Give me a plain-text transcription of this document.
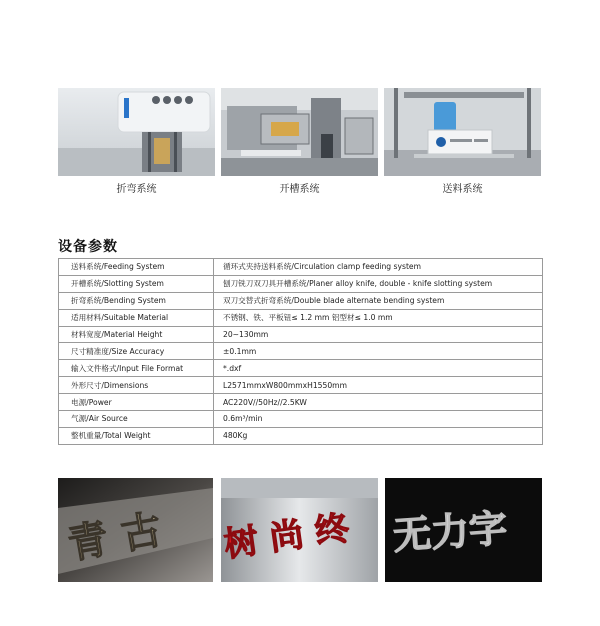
折弯系统	开槽系统	送料系统
设备参数
送料系统/Feeding System	循环式夹持送料系统/Circulation clamp feeding system
开槽系统/Slotting System	刨刀铣刀双刀具开槽系统/Planer alloy knife, double - knife slotting system
折弯系统/Bending System	双刀交替式折弯系统/Double blade alternate bending system
适用材料/Suitable Material	不锈钢、铁、平板钮≤ 1.2 mm 铝型材≤ 1.0 mm
材料宽度/Material Height	20~130mm
尺寸精准度/Size Accuracy	±0.1mm
输入文件格式/Input File Format	*.dxf
外形尺寸/Dimensions	L2571mmxW800mmxH1550mm
电源/Power	AC220V//50Hz//2.5KW
气源/Air Source	0.6m³/min
整机重量/Total Weight	480Kg
青 古 树 尚 终 无力字
